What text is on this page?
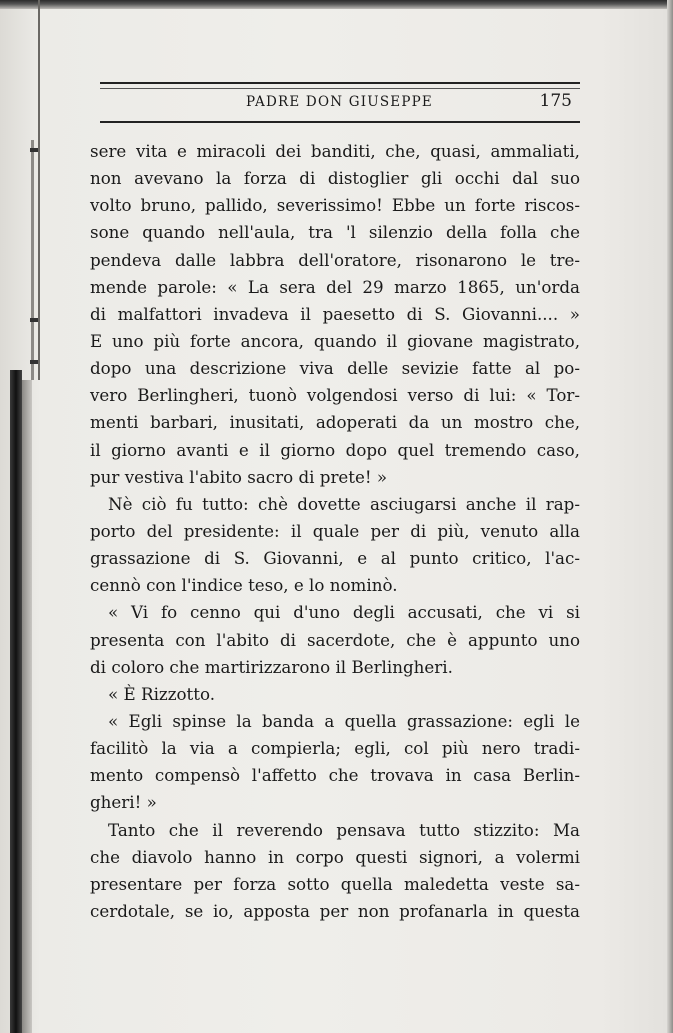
PADRE DON GIUSEPPE	175
sere vita e miracoli dei banditi, che, quasi, ammaliati,
non avevano la forza di distoglier gli occhi dal suo
volto bruno, pallido, severissimo! Ebbe un forte riscos-
sone quando nell'aula, tra 'l silenzio della folla che
pendeva dalle labbra dell'oratore, risonarono le tre-
mende parole: « La sera del 29 marzo 1865, un'orda
di malfattori invadeva il paesetto di S. Giovanni.... »
E uno più forte ancora, quando il giovane magistrato,
dopo una descrizione viva delle sevizie fatte al po-
vero Berlingheri, tuonò volgendosi verso di lui: « Tor-
menti barbari, inusitati, adoperati da un mostro che,
il giorno avanti e il giorno dopo quel tremendo caso,
pur vestiva l'abito sacro di prete! »
Nè ciò fu tutto: chè dovette asciugarsi anche il rap-
porto del presidente: il quale per di più, venuto alla
grassazione di S. Giovanni, e al punto critico, l'ac-
cennò con l'indice teso, e lo nominò.
« Vi fo cenno qui d'uno degli accusati, che vi si
presenta con l'abito di sacerdote, che è appunto uno
di coloro che martirizzarono il Berlingheri.
« È Rizzotto.
« Egli spinse la banda a quella grassazione: egli le
facilitò la via a compierla; egli, col più nero tradi-
mento compensò l'affetto che trovava in casa Berlin-
gheri! »
Tanto che il reverendo pensava tutto stizzito: Ma
che diavolo hanno in corpo questi signori, a volermi
presentare per forza sotto quella maledetta veste sa-
cerdotale, se io, apposta per non profanarla in questa
